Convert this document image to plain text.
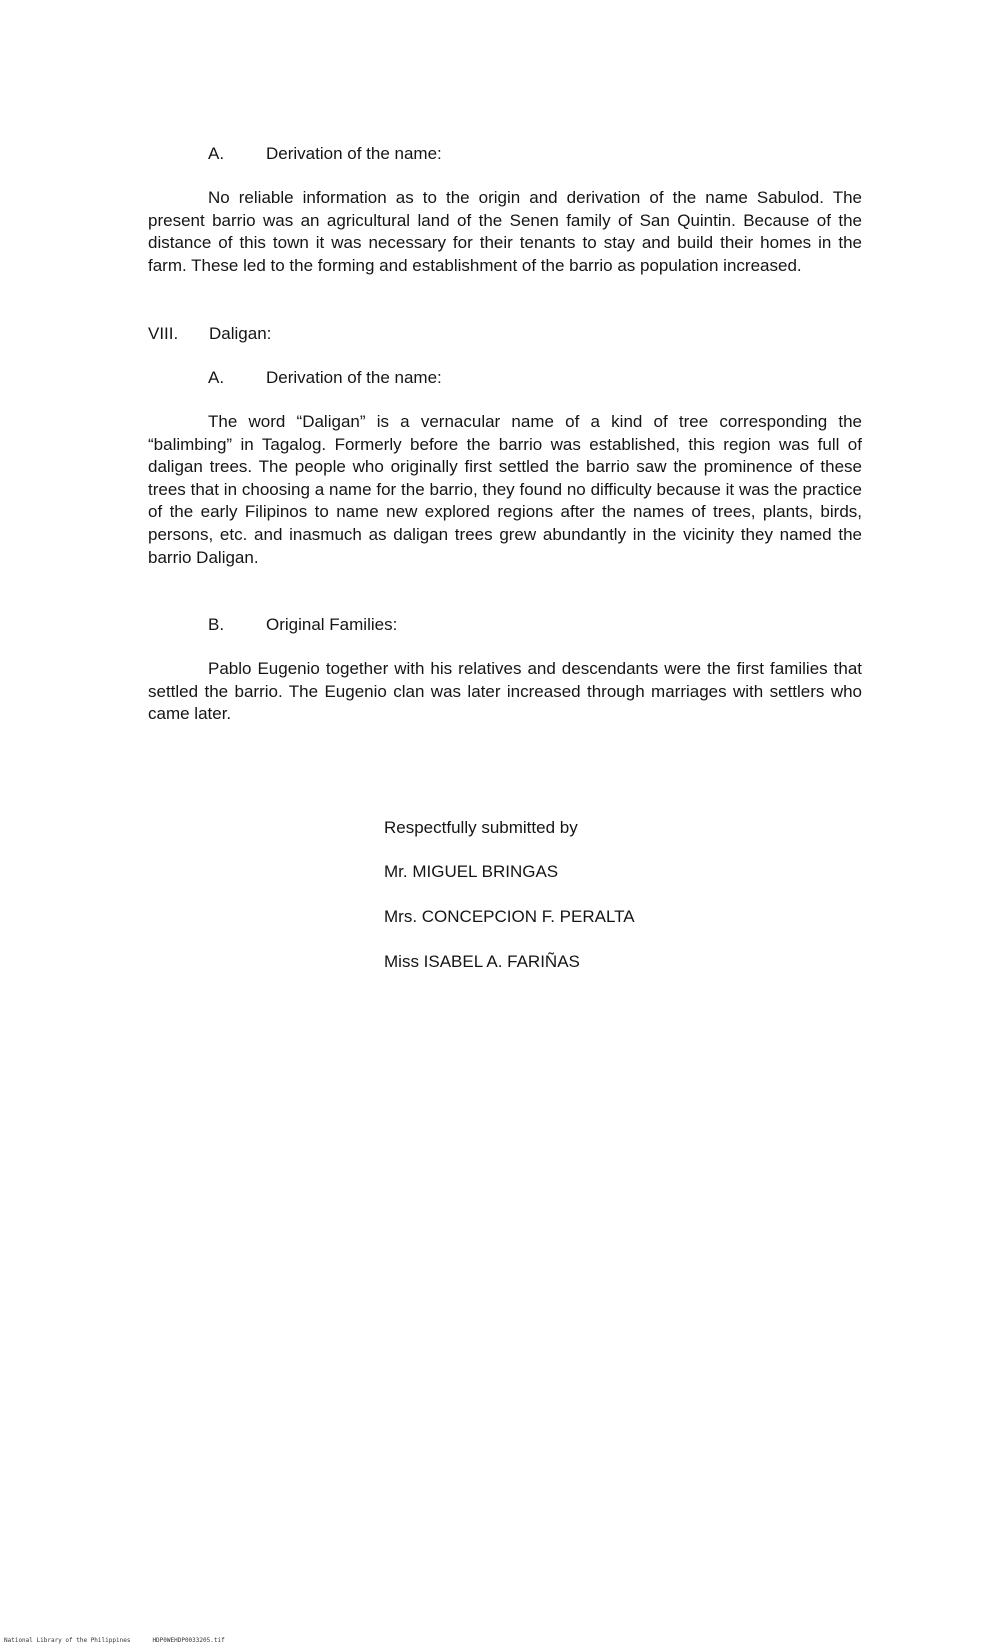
A. Derivation of the name:

No reliable information as to the origin and derivation of the name Sabulod. The present barrio was an agricultural land of the Senen family of San Quintin. Because of the distance of this town it was necessary for their tenants to stay and build their homes in the farm. These led to the forming and establishment of the barrio as population increased.

VIII. Daligan:
A. Derivation of the name:

The word “Daligan” is a vernacular name of a kind of tree corresponding the “balimbing” in Tagalog. Formerly before the barrio was established, this region was full of daligan trees. The people who originally first settled the barrio saw the prominence of these trees that in choosing a name for the barrio, they found no difficulty because it was the practice of the early Filipinos to name new explored regions after the names of trees, plants, birds, persons, etc. and inasmuch as daligan trees grew abundantly in the vicinity they named the barrio Daligan.

B. Original Families:

Pablo Eugenio together with his relatives and descendants were the first families that settled the barrio. The Eugenio clan was later increased through marriages with settlers who came later.

Respectfully submitted by
Mr. MIGUEL BRINGAS
Mrs. CONCEPCION F. PERALTA
Miss ISABEL A. FARIÑAS
National Library of the Philippines	HDP0WEHDP0033205.tif
